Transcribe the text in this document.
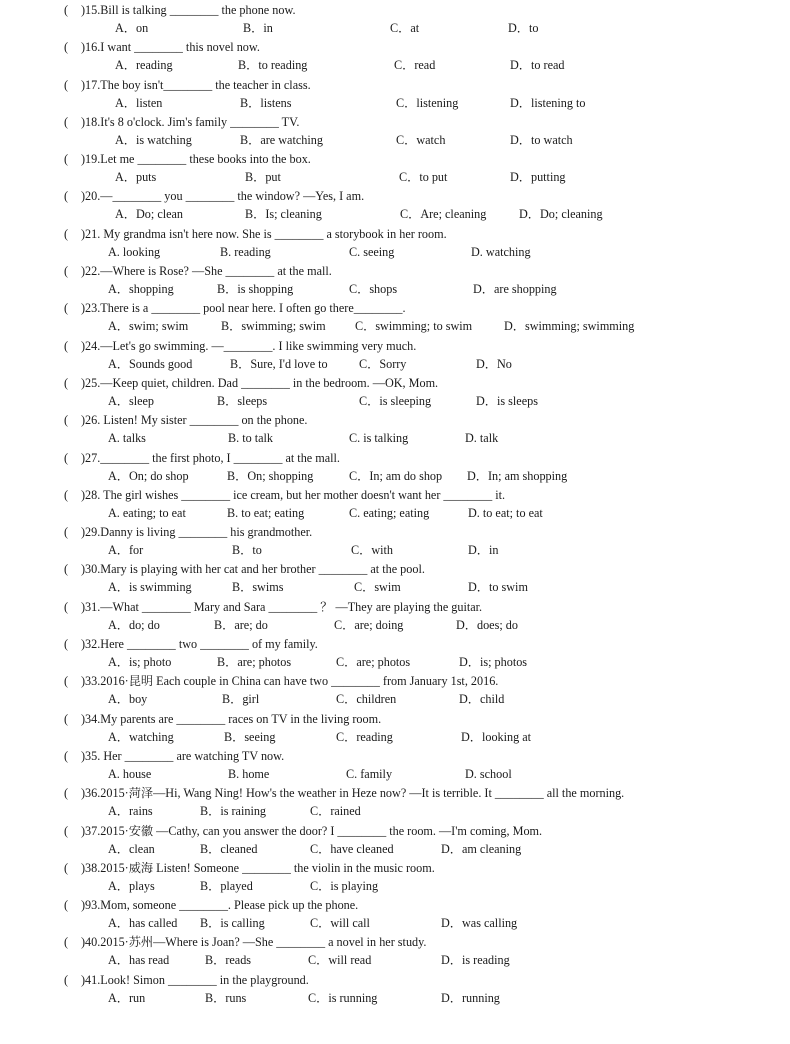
( )15.Bill is talking ________ the phone now.
A．on	B．in	C．at	D．to
( )16.I want ________ this novel now.
A．reading	B．to reading	C．read	D．to read
( )17.The boy isn't________ the teacher in class.
A．listen	B．listens	C．listening	D．listening to
( )18.It's 8 o'clock. Jim's family ________ TV.
A．is watching	B．are watching	C．watch	D．to watch
( )19.Let me ________ these books into the box.
A．puts	B．put	C．to put	D．putting
( )20.—________ you ________ the window? —Yes, I am.
A．Do; clean	B．Is; cleaning	C．Are; cleaning	D．Do; cleaning
( )21. My grandma isn't here now. She is ________ a storybook in her room.
A. looking	B. reading	C. seeing	D. watching
( )22.—Where is Rose? —She ________ at the mall.
A．shopping	B．is shopping	C．shops	D．are shopping
( )23.There is a ________ pool near here. I often go there________.
A．swim; swim	B．swimming; swim C．swimming; to swim	D．swimming; swimming
( )24.—Let's go swimming. —________. I like swimming very much.
A．Sounds good	B．Sure, I'd love to	C．Sorry	D．No
( )25.—Keep quiet, children. Dad ________ in the bedroom. —OK, Mom.
A．sleep	B．sleeps	C．is sleeping	D．is sleeps
( )26. Listen! My sister ________ on the phone.
A. talks	B. to talk	C. is talking	D. talk
( )27.________ the first photo, I ________ at the mall.
A．On; do shop	B．On; shopping	C．In; am do shop D．In; am shopping
( )28. The girl wishes ________ ice cream, but her mother doesn't want her ________ it.
A. eating; to eat	B. to eat; eating	C. eating; eating	D. to eat; to eat
( )29.Danny is living ________ his grandmother.
A．for	B．to	C．with	D．in
( )30.Mary is playing with her cat and her brother ________ at the pool.
A．is swimming	B．swims	C．swim	D．to swim
( )31.—What ________ Mary and Sara ________ ？ —They are playing the guitar.
A．do; do	B．are; do	C．are; doing	D．does; do
( )32.Here ________ two ________ of my family.
A．is; photo	B．are; photos	C．are; photos	D．is; photos
( )33.2016·昆明 Each couple in China can have two ________ from January 1st, 2016.
A．boy	B．girl	C．children	D．child
( )34.My parents are ________ races on TV in the living room.
A．watching	B．seeing	C．reading	D．looking at
( )35. Her ________ are watching TV now.
A. house	B. home	C. family	D. school
( )36.2015·菏泽—Hi, Wang Ning! How's the weather in Heze now? —It is terrible. It ________ all the morning.
A．rains	B．is raining	C．rained
( )37.2015·安徽 —Cathy, can you answer the door? I ________ the room. —I'm coming, Mom.
A．clean	B．cleaned	C．have cleaned	D．am cleaning
( )38.2015·威海 Listen! Someone ________ the violin in the music room.
A．plays	B．played	C．is playing
( )93.Mom, someone ________. Please pick up the phone.
A．has called B．is calling	C．will call	D．was calling
( )40.2015·苏州—Where is Joan? —She ________ a novel in her study.
A．has read	B．reads	C．will read	D．is reading
( )41.Look! Simon ________ in the playground.
A．run	B．runs	C．is running	D．running
